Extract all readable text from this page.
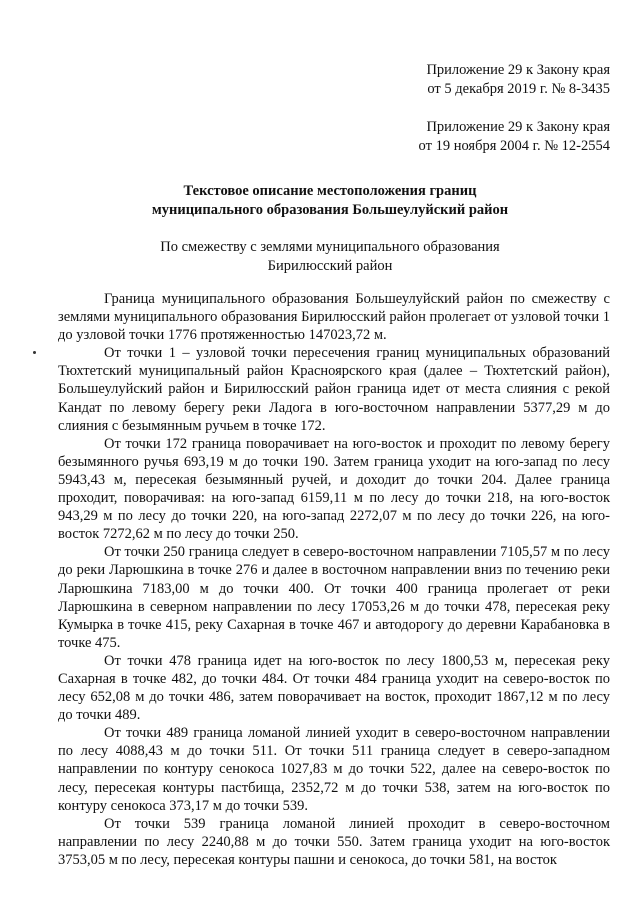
Приложение 29 к Закону края
от 5 декабря 2019 г. № 8-3435
Приложение 29 к Закону края
от 19 ноября 2004 г. № 12-2554
Текстовое описание местоположения границ
муниципального образования Большеулуйский район
По смежеству с землями муниципального образования
Бирилюсский район

Граница муниципального образования Большеулуйский район по смежеству с землями муниципального образования Бирилюсский район пролегает от узловой точки 1 до узловой точки 1776 протяженностью 147023,72 м.

От точки 1 – узловой точки пересечения границ муниципальных образований Тюхтетский муниципальный район Красноярского края (далее – Тюхтетский район), Большеулуйский район и Бирилюсский район граница идет от места слияния с рекой Кандат по левому берегу реки Ладога в юго-восточном направлении 5377,29 м до слияния с безымянным ручьем в точке 172.

От точки 172 граница поворачивает на юго-восток и проходит по левому берегу безымянного ручья 693,19 м до точки 190. Затем граница уходит на юго-запад по лесу 5943,43 м, пересекая безымянный ручей, и доходит до точки 204. Далее граница проходит, поворачивая: на юго-запад 6159,11 м по лесу до точки 218, на юго-восток 943,29 м по лесу до точки 220, на юго-запад 2272,07 м по лесу до точки 226, на юго-восток 7272,62 м по лесу до точки 250.

От точки 250 граница следует в северо-восточном направлении 7105,57 м по лесу до реки Ларюшкина в точке 276 и далее в восточном направлении вниз по течению реки Ларюшкина 7183,00 м до точки 400. От точки 400 граница пролегает от реки Ларюшкина в северном направлении по лесу 17053,26 м до точки 478, пересекая реку Кумырка в точке 415, реку Сахарная в точке 467 и автодорогу до деревни Карабановка в точке 475.

От точки 478 граница идет на юго-восток по лесу 1800,53 м, пересекая реку Сахарная в точке 482, до точки 484. От точки 484 граница уходит на северо-восток по лесу 652,08 м до точки 486, затем поворачивает на восток, проходит 1867,12 м по лесу до точки 489.

От точки 489 граница ломаной линией уходит в северо-восточном направлении по лесу 4088,43 м до точки 511. От точки 511 граница следует в северо-западном направлении по контуру сенокоса 1027,83 м до точки 522, далее на северо-восток по лесу, пересекая контуры пастбища, 2352,72 м до точки 538, затем на юго-восток по контуру сенокоса 373,17 м до точки 539.

От точки 539 граница ломаной линией проходит в северо-восточном направлении по лесу 2240,88 м до точки 550. Затем граница уходит на юго-восток 3753,05 м по лесу, пересекая контуры пашни и сенокоса, до точки 581, на восток
